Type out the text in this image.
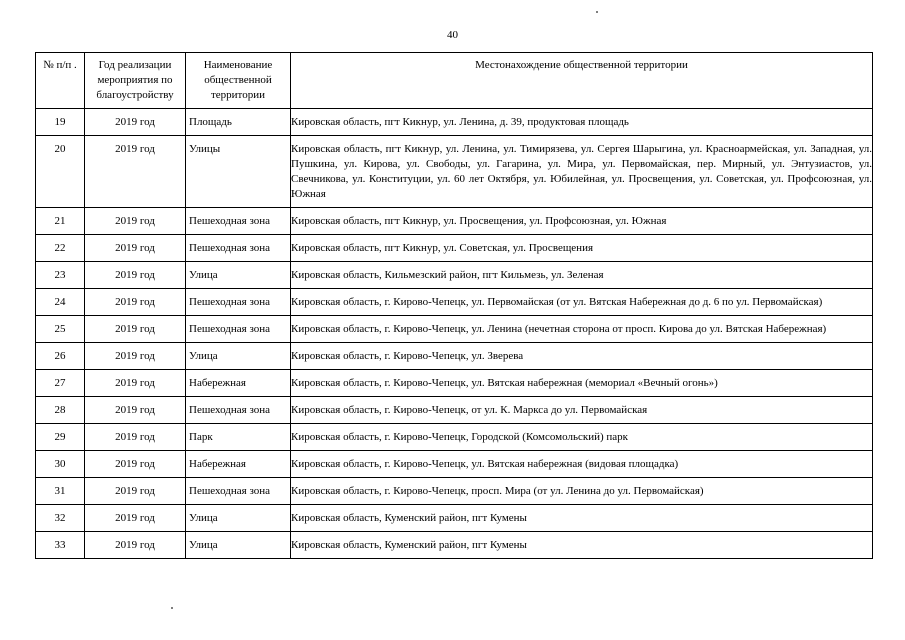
40
№ п/п .	Год реализации мероприятия по благоустройству	Наименование общественной территории	Местонахождение общественной территории
19	2019 год	Площадь	Кировская область, пгт Кикнур, ул. Ленина, д. 39, продуктовая площадь
20	2019 год	Улицы	Кировская область, пгт Кикнур, ул. Ленина, ул. Тимирязева, ул. Сергея Шарыгина, ул. Красноармейская, ул. Западная, ул. Пушкина, ул. Кирова, ул. Свободы, ул. Гагарина, ул. Мира, ул. Первомайская, пер. Мирный, ул. Энтузиастов, ул. Свечникова, ул. Конституции, ул. 60 лет Октября, ул. Юбилейная, ул. Просвещения, ул. Советская, ул. Профсоюзная, ул. Южная
21	2019 год	Пешеходная зона	Кировская область, пгт Кикнур, ул. Просвещения, ул. Профсоюзная, ул. Южная
22	2019 год	Пешеходная зона	Кировская область, пгт Кикнур, ул. Советская, ул. Просвещения
23	2019 год	Улица	Кировская область, Кильмезский район, пгт Кильмезь, ул. Зеленая
24	2019 год	Пешеходная зона	Кировская область, г. Кирово-Чепецк, ул. Первомайская (от ул. Вятская Набережная до д. 6 по ул. Первомайская)
25	2019 год	Пешеходная зона	Кировская область, г. Кирово-Чепецк, ул. Ленина (нечетная сторона от просп. Кирова до ул. Вятская Набережная)
26	2019 год	Улица	Кировская область, г. Кирово-Чепецк, ул. Зверева
27	2019 год	Набережная	Кировская область, г. Кирово-Чепецк, ул. Вятская набережная (мемориал «Вечный огонь»)
28	2019 год	Пешеходная зона	Кировская область, г. Кирово-Чепецк, от ул. К. Маркса до ул. Первомайская
29	2019 год	Парк	Кировская область, г. Кирово-Чепецк, Городской (Комсомольский) парк
30	2019 год	Набережная	Кировская область, г. Кирово-Чепецк, ул. Вятская набережная (видовая площадка)
31	2019 год	Пешеходная зона	Кировская область, г. Кирово-Чепецк, просп. Мира (от ул. Ленина до ул. Первомайская)
32	2019 год	Улица	Кировская область, Куменский район, пгт Кумены
33	2019 год	Улица	Кировская область, Куменский район, пгт Кумены
